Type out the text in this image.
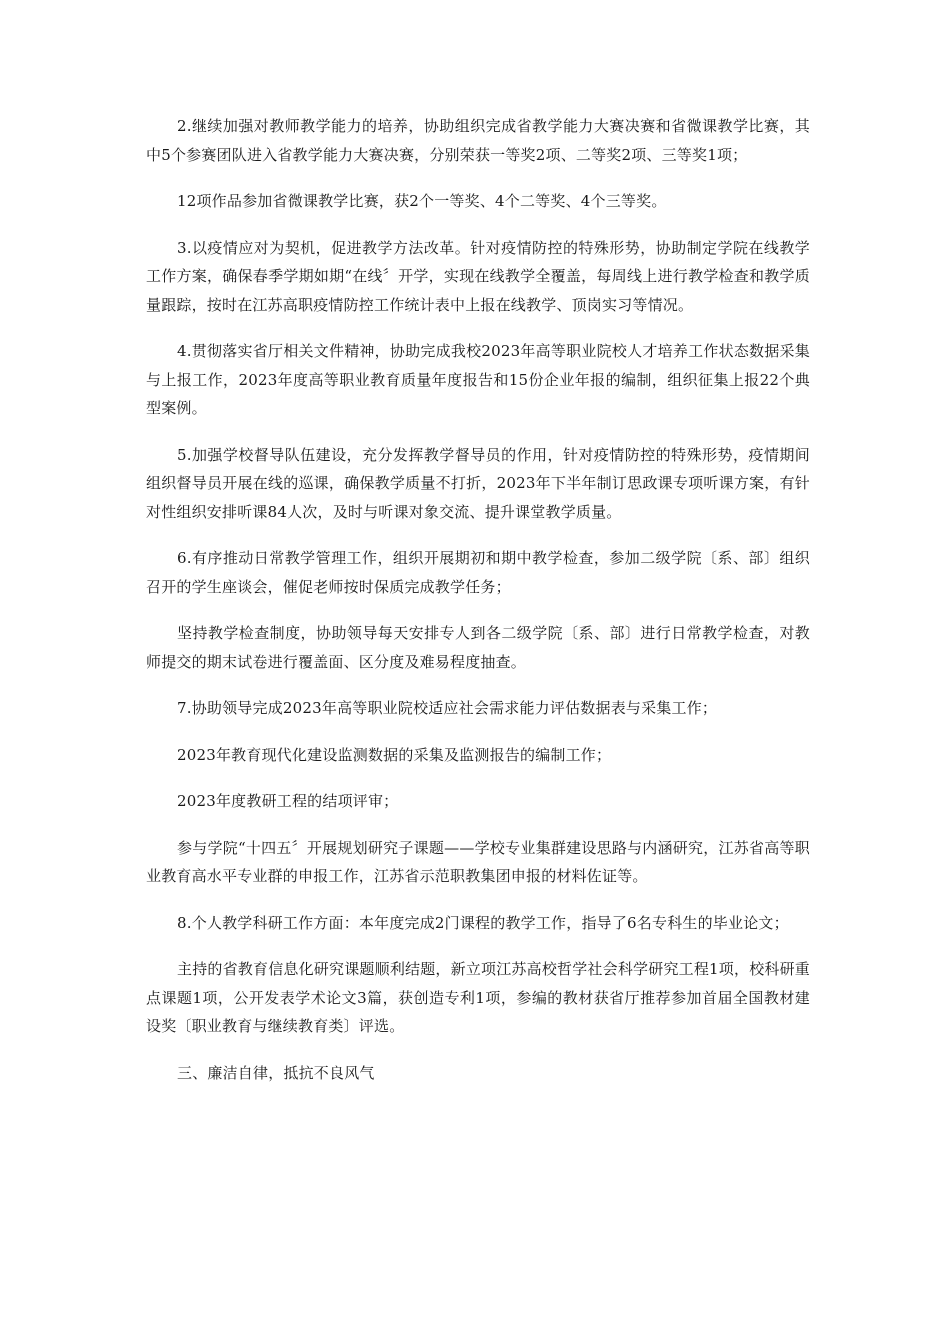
2.继续加强对教师教学能力的培养，协助组织完成省教学能力大赛决赛和省微课教学比赛，其中5个参赛团队进入省教学能力大赛决赛，分别荣获一等奖2项、二等奖2项、三等奖1项；

12项作品参加省微课教学比赛，获2个一等奖、4个二等奖、4个三等奖。

3.以疫情应对为契机，促进教学方法改革。针对疫情防控的特殊形势，协助制定学院在线教学工作方案，确保春季学期如期“在线〞开学，实现在线教学全覆盖，每周线上进行教学检查和教学质量跟踪，按时在江苏高职疫情防控工作统计表中上报在线教学、顶岗实习等情况。

4.贯彻落实省厅相关文件精神，协助完成我校2023年高等职业院校人才培养工作状态数据采集与上报工作，2023年度高等职业教育质量年度报告和15份企业年报的编制，组织征集上报22个典型案例。

5.加强学校督导队伍建设，充分发挥教学督导员的作用，针对疫情防控的特殊形势，疫情期间组织督导员开展在线的巡课，确保教学质量不打折，2023年下半年制订思政课专项听课方案，有针对性组织安排听课84人次，及时与听课对象交流、提升课堂教学质量。

6.有序推动日常教学管理工作，组织开展期初和期中教学检查，参加二级学院〔系、部〕组织召开的学生座谈会，催促老师按时保质完成教学任务；

坚持教学检查制度，协助领导每天安排专人到各二级学院〔系、部〕进行日常教学检查，对教师提交的期末试卷进行覆盖面、区分度及难易程度抽查。

7.协助领导完成2023年高等职业院校适应社会需求能力评估数据表与采集工作；

2023年教育现代化建设监测数据的采集及监测报告的编制工作；

2023年度教研工程的结项评审；

参与学院“十四五〞开展规划研究子课题——学校专业集群建设思路与内涵研究，江苏省高等职业教育高水平专业群的申报工作，江苏省示范职教集团申报的材料佐证等。

8.个人教学科研工作方面：本年度完成2门课程的教学工作，指导了6名专科生的毕业论文；

主持的省教育信息化研究课题顺利结题，新立项江苏高校哲学社会科学研究工程1项，校科研重点课题1项，公开发表学术论文3篇，获创造专利1项，参编的教材获省厅推荐参加首届全国教材建设奖〔职业教育与继续教育类〕评选。

三、廉洁自律，抵抗不良风气
